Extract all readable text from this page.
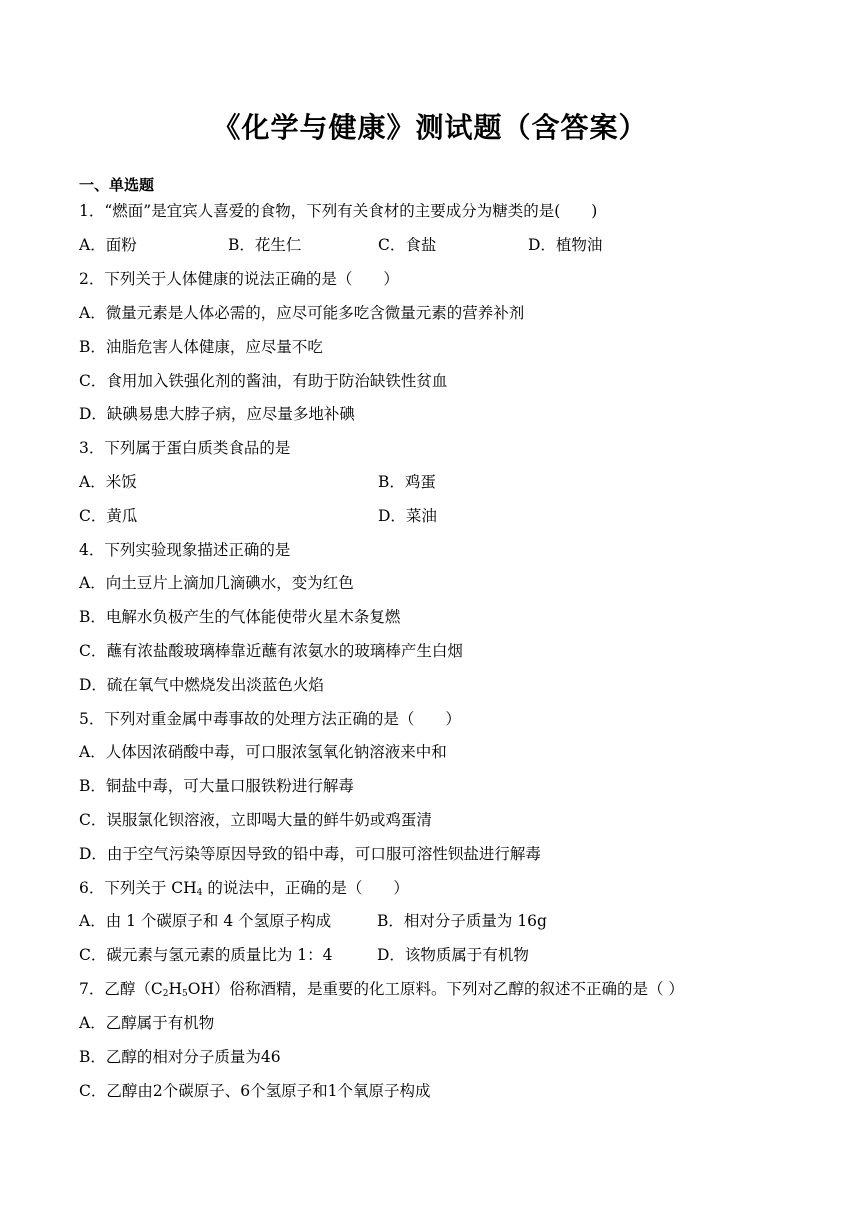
《化学与健康》测试题（含答案）
一、单选题
1．“燃面”是宜宾人喜爱的食物，下列有关食材的主要成分为糖类的是(　　)
A．面粉	B．花生仁	C．食盐	D．植物油
2．下列关于人体健康的说法正确的是（　　）
A．微量元素是人体必需的，应尽可能多吃含微量元素的营养补剂
B．油脂危害人体健康，应尽量不吃
C．食用加入铁强化剂的酱油，有助于防治缺铁性贫血
D．缺碘易患大脖子病，应尽量多地补碘
3．下列属于蛋白质类食品的是
A．米饭	B．鸡蛋
C．黄瓜	D．菜油
4．下列实验现象描述正确的是
A．向土豆片上滴加几滴碘水，变为红色
B．电解水负极产生的气体能使带火星木条复燃
C．蘸有浓盐酸玻璃棒靠近蘸有浓氨水的玻璃棒产生白烟
D．硫在氧气中燃烧发出淡蓝色火焰
5．下列对重金属中毒事故的处理方法正确的是（　　）
A．人体因浓硝酸中毒，可口服浓氢氧化钠溶液来中和
B．铜盐中毒，可大量口服铁粉进行解毒
C．误服氯化钡溶液，立即喝大量的鲜牛奶或鸡蛋清
D．由于空气污染等原因导致的铅中毒，可口服可溶性钡盐进行解毒
6．下列关于 $CH_4$ 的说法中，正确的是（　　）
A．由 1 个碳原子和 4 个氢原子构成	B．相对分子质量为 16g
C．碳元素与氢元素的质量比为 1：4	D．该物质属于有机物
7．乙醇$(C_2H_5OH)$俗称酒精，是重要的化工原料。下列对乙醇的叙述不正确的是（ ）
A．乙醇属于有机物
B．乙醇的相对分子质量为46
C．乙醇由2个碳原子、6个氢原子和1个氧原子构成
